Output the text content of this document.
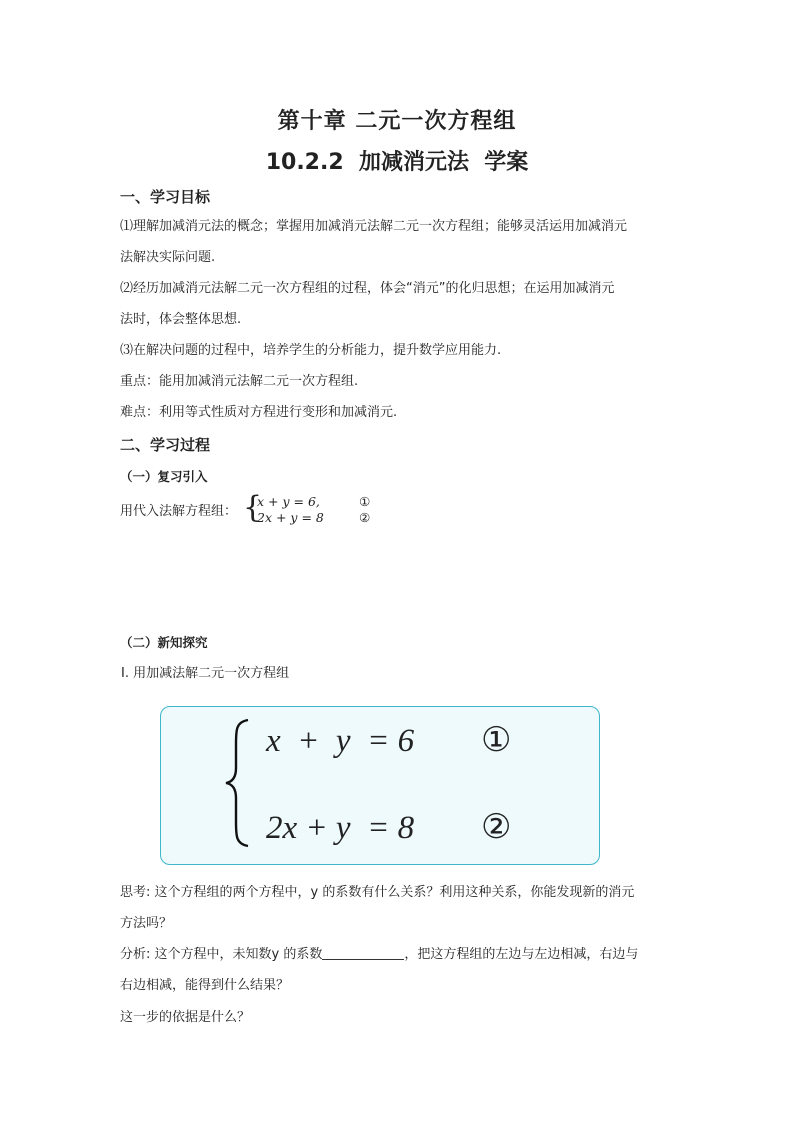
第十章 二元一次方程组
10.2.2  加减消元法  学案
一、学习目标
⑴理解加减消元法的概念；掌握用加减消元法解二元一次方程组；能够灵活运用加减消元
法解决实际问题.
⑵经历加减消元法解二元一次方程组的过程，体会“消元”的化归思想；在运用加减消元
法时，体会整体思想.
⑶在解决问题的过程中，培养学生的分析能力，提升数学应用能力.
重点：能用加减消元法解二元一次方程组.
难点：利用等式性质对方程进行变形和加减消元.
二、学习过程
（一）复习引入
用代入法解方程组： {
x + y = 6,
2x + y = 8
①
②
（二）新知探究
Ⅰ. 用加减法解二元一次方程组
x  +  y  = 6
2x + y  = 8
①
②
思考: 这个方程组的两个方程中，y 的系数有什么关系？利用这种关系，你能发现新的消元
方法吗？
分析: 这个方程中，未知数y 的系数	，把这方程组的左边与左边相减，右边与
右边相减，能得到什么结果？
这一步的依据是什么？
